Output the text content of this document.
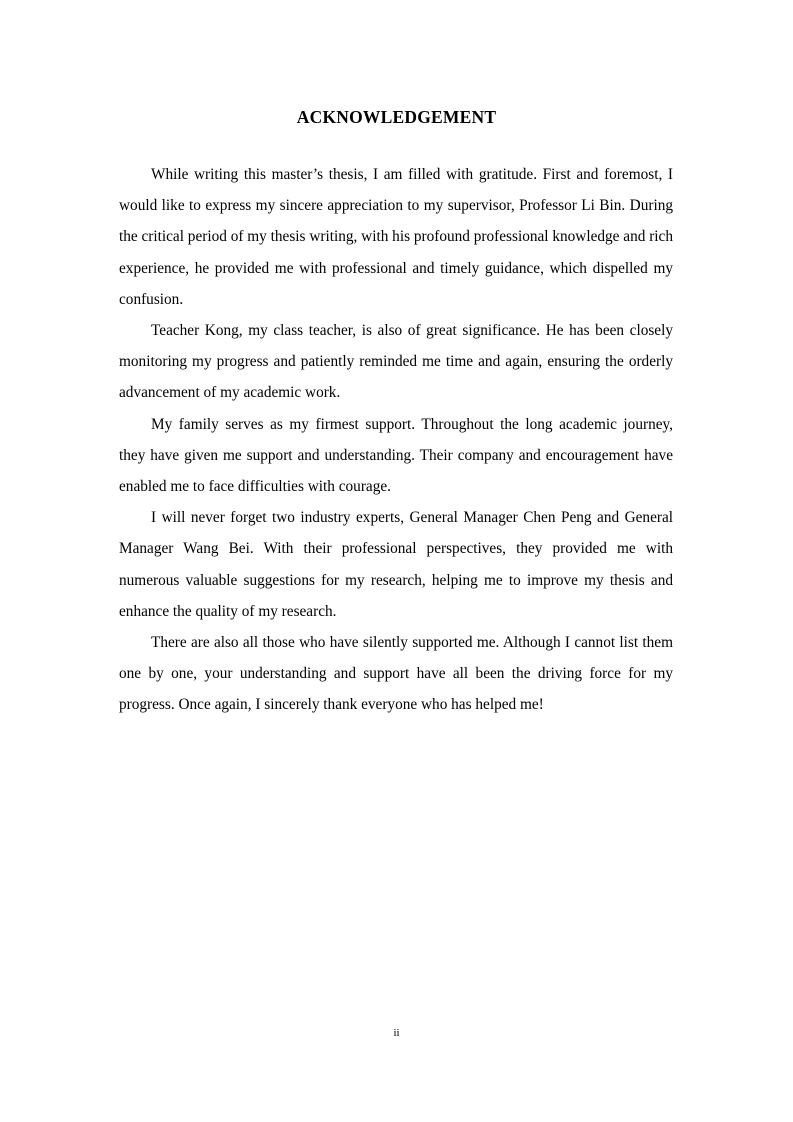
ACKNOWLEDGEMENT

While writing this master’s thesis, I am filled with gratitude. First and foremost, I would like to express my sincere appreciation to my supervisor, Professor Li Bin. During the critical period of my thesis writing, with his profound professional knowledge and rich experience, he provided me with professional and timely guidance, which dispelled my confusion.

Teacher Kong, my class teacher, is also of great significance. He has been closely monitoring my progress and patiently reminded me time and again, ensuring the orderly advancement of my academic work.

My family serves as my firmest support. Throughout the long academic journey, they have given me support and understanding. Their company and encouragement have enabled me to face difficulties with courage.

I will never forget two industry experts, General Manager Chen Peng and General Manager Wang Bei. With their professional perspectives, they provided me with numerous valuable suggestions for my research, helping me to improve my thesis and enhance the quality of my research.

There are also all those who have silently supported me. Although I cannot list them one by one, your understanding and support have all been the driving force for my progress. Once again, I sincerely thank everyone who has helped me!

ii
